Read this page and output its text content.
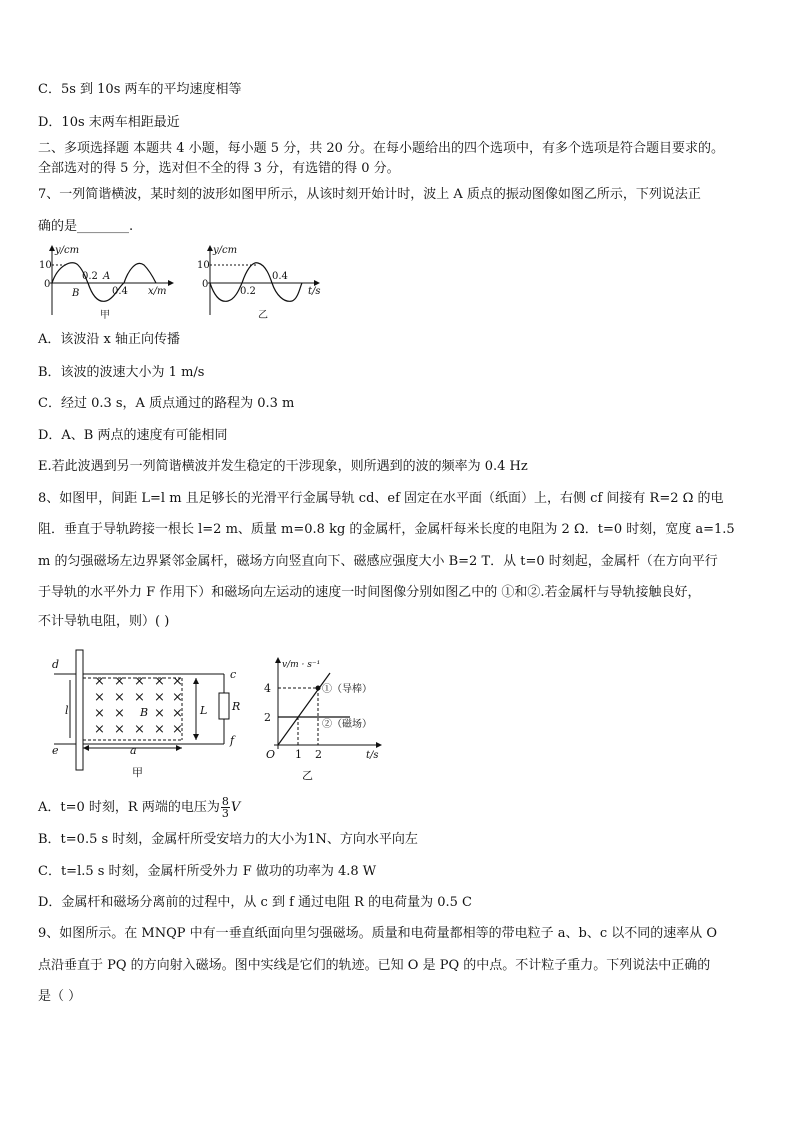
C．5s 到 10s 两车的平均速度相等
D．10s 末两车相距最近
二、多项选择题 本题共 4 小题，每小题 5 分，共 20 分。在每小题给出的四个选项中，有多个选项是符合题目要求的。
全部选对的得 5 分，选对但不全的得 3 分，有选错的得 0 分。
7、一列简谐横波，某时刻的波形如图甲所示，从该时刻开始计时，波上 A 质点的振动图像如图乙所示，下列说法正
确的是________.
y/cm
10
0
0.2 A
B	0.4 x/m
甲
y/cm
10
0
0.2
0.4
t/s
乙
A．该波沿 x 轴正向传播
B．该波的波速大小为 1 m/s
C．经过 0.3 s，A 质点通过的路程为 0.3 m
D．A、B 两点的速度有可能相同
E.若此波遇到另一列简谐横波并发生稳定的干涉现象，则所遇到的波的频率为 0.4 Hz
8、如图甲，间距 L=l m 且足够长的光滑平行金属导轨 cd、ef 固定在水平面（纸面）上，右侧 cf 间接有 R=2 Ω 的电
阻．垂直于导轨跨接一根长 l=2 m、质量 m=0.8 kg 的金属杆，金属杆每米长度的电阻为 2 Ω．t=0 时刻，宽度 a=1.5
m 的匀强磁场左边界紧邻金属杆，磁场方向竖直向下、磁感应强度大小 B=2 T．从 t=0 时刻起，金属杆（在方向平行
于导轨的水平外力 F 作用下）和磁场向左运动的速度一时间图像分别如图乙中的 ①和②.若金属杆与导轨接触良好，
不计导轨电阻，则）( )
× × × × ×
× × × × ×
× × × ×
× × × × ×
d
e
c
f
l	B	L R
a
甲
v/m · s⁻¹
4
2
O 1 2	t/s
①（导棒）
②（磁场）
乙
A．t=0 时刻，R 两端的电压为 $\frac{8}{3}$ V
B．t=0.5 s 时刻，金属杆所受安培力的大小为1N、方向水平向左
C．t=l.5 s 时刻，金属杆所受外力 F 做功的功率为 4.8 W
D．金属杆和磁场分离前的过程中，从 c 到 f 通过电阻 R 的电荷量为 0.5 C
9、如图所示。在 MNQP 中有一垂直纸面向里匀强磁场。质量和电荷量都相等的带电粒子 a、b、c 以不同的速率从 O
点沿垂直于 PQ 的方向射入磁场。图中实线是它们的轨迹。已知 O 是 PQ 的中点。不计粒子重力。下列说法中正确的
是（ ）
